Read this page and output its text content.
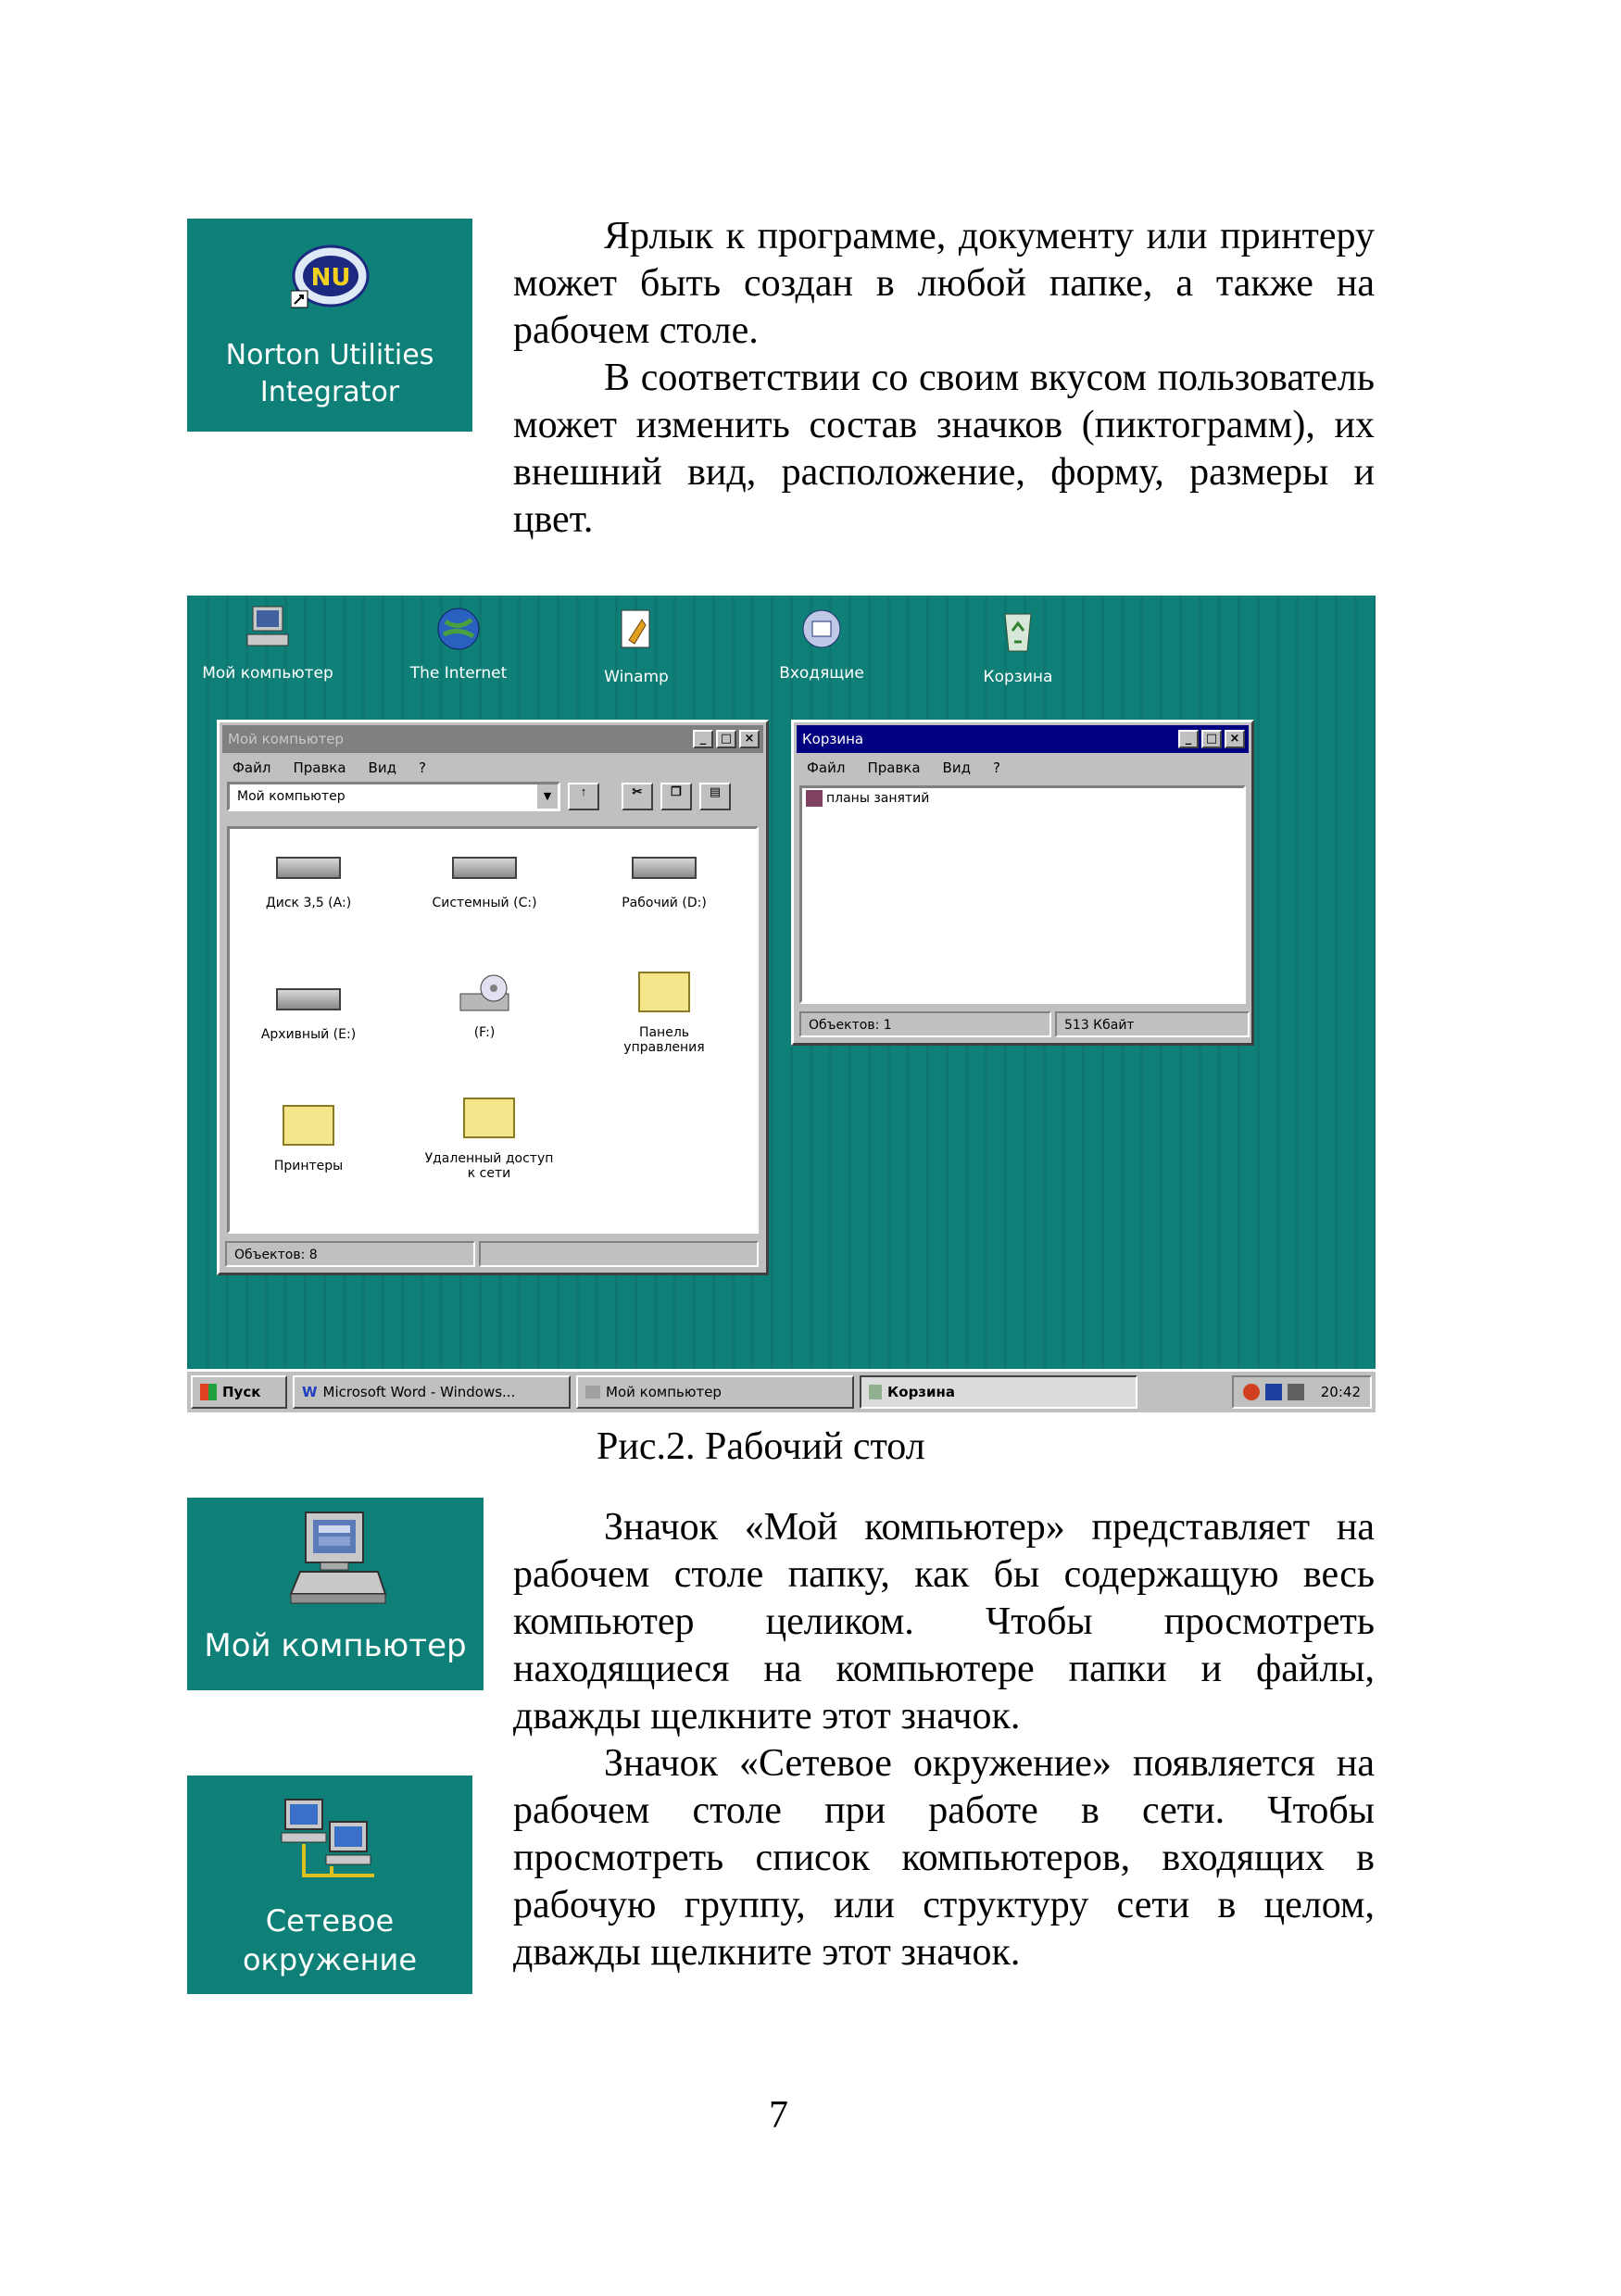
NU
Norton Utilities
Integrator

Ярлык к программе, документу или принтеру может быть создан в любой папке, а также на рабочем столе.

В соответствии со своим вкусом пользователь может изменить состав значков (пиктограмм), их внешний вид, расположение, форму, размеры и цвет.

Мой компьютер	The Internet	Winamp	Входящие	Корзина
Мой компьютер	_	□	×
Файл Правка Вид ?
Мой компьютер	▼	↑	✂	❐	▤
Диск 3,5 (A:)	Системный (C:)	Рабочий (D:)
Архивный (E:)	(F:)	Панель управления
Принтеры	Удаленный доступ к сети
Объектов: 8
Корзина	_	□	×
Файл Правка Вид ?
планы занятий
Объектов: 1	513 Кбайт
Пуск	W Microsoft Word - Windows...	Мой компьютер	Корзина	20:42
Рис.2. Рабочий стол
Мой компьютер
Сетевое
окружение

Значок «Мой компьютер» представляет на рабочем столе папку, как бы содержащую весь компьютер целиком. Чтобы просмотреть находящиеся на компьютере папки и файлы, дважды щелкните этот значок.

Значок «Сетевое окружение» появляется на рабочем столе при работе в сети. Чтобы просмотреть список компьютеров, входящих в рабочую группу, или структуру сети в целом, дважды щелкните этот значок.

7
